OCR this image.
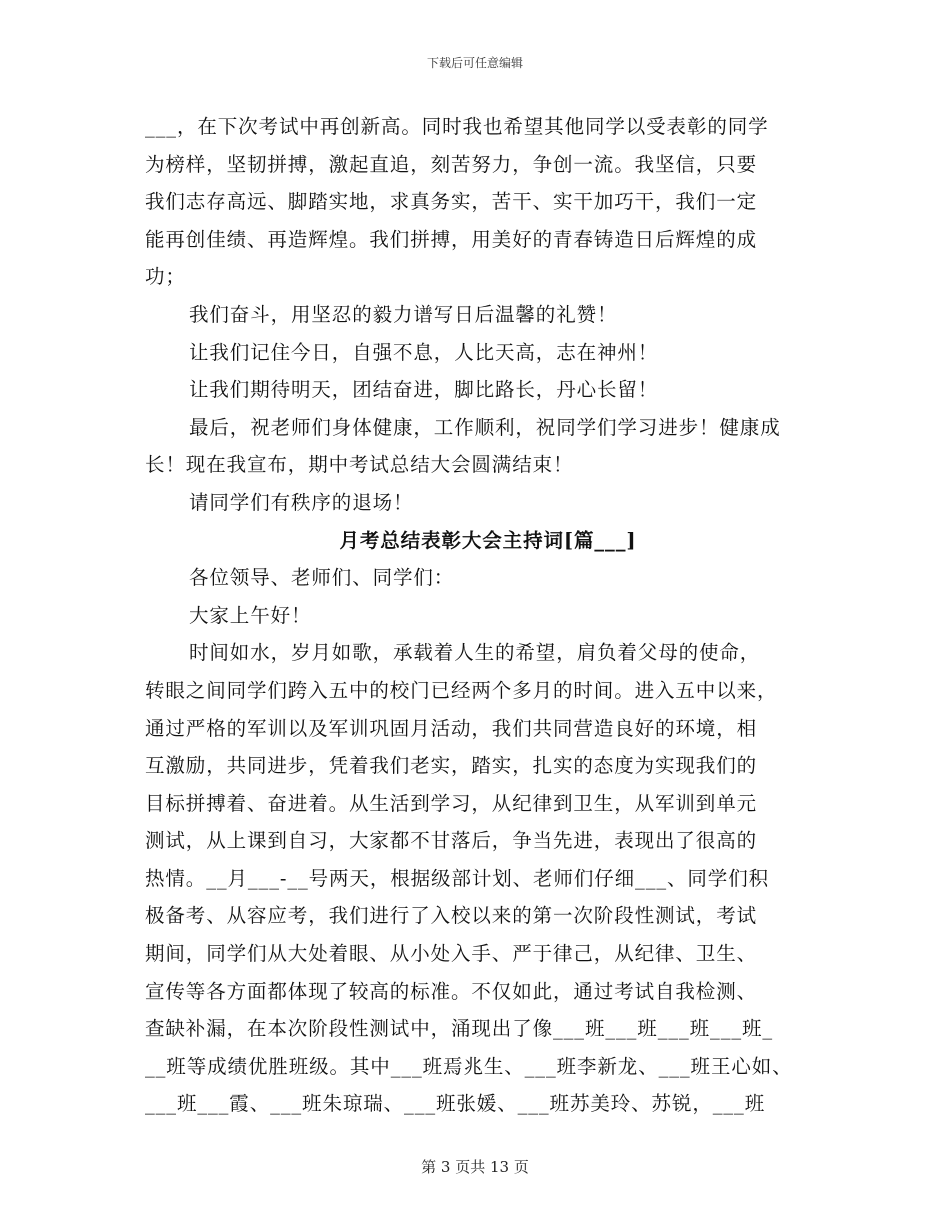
下载后可任意编辑
___，在下次考试中再创新高。同时我也希望其他同学以受表彰的同学
为榜样，坚韧拼搏，激起直追，刻苦努力，争创一流。我坚信，只要
我们志存高远、脚踏实地，求真务实，苦干、实干加巧干，我们一定
能再创佳绩、再造辉煌。我们拼搏，用美好的青春铸造日后辉煌的成
功；
我们奋斗，用坚忍的毅力谱写日后温馨的礼赞！
让我们记住今日，自强不息，人比天高，志在神州！
让我们期待明天，团结奋进，脚比路长，丹心长留！
最后，祝老师们身体健康，工作顺利，祝同学们学习进步！健康成
长！现在我宣布，期中考试总结大会圆满结束！
请同学们有秩序的退场！
月考总结表彰大会主持词[篇___]
各位领导、老师们、同学们：
大家上午好！
时间如水，岁月如歌，承载着人生的希望，肩负着父母的使命，
转眼之间同学们跨入五中的校门已经两个多月的时间。进入五中以来，
通过严格的军训以及军训巩固月活动，我们共同营造良好的环境，相
互激励，共同进步，凭着我们老实，踏实，扎实的态度为实现我们的
目标拼搏着、奋进着。从生活到学习，从纪律到卫生，从军训到单元
测试，从上课到自习，大家都不甘落后，争当先进，表现出了很高的
热情。__月___-__号两天，根据级部计划、老师们仔细___、同学们积
极备考、从容应考，我们进行了入校以来的第一次阶段性测试，考试
期间，同学们从大处着眼、从小处入手、严于律己，从纪律、卫生、
宣传等各方面都体现了较高的标准。不仅如此，通过考试自我检测、
查缺补漏，在本次阶段性测试中，涌现出了像___班___班___班___班_
__班等成绩优胜班级。其中___班焉兆生、___班李新龙、___班王心如、
___班___霞、___班朱琼瑞、___班张媛、___班苏美玲、苏锐，___班
第 3 页共 13 页
